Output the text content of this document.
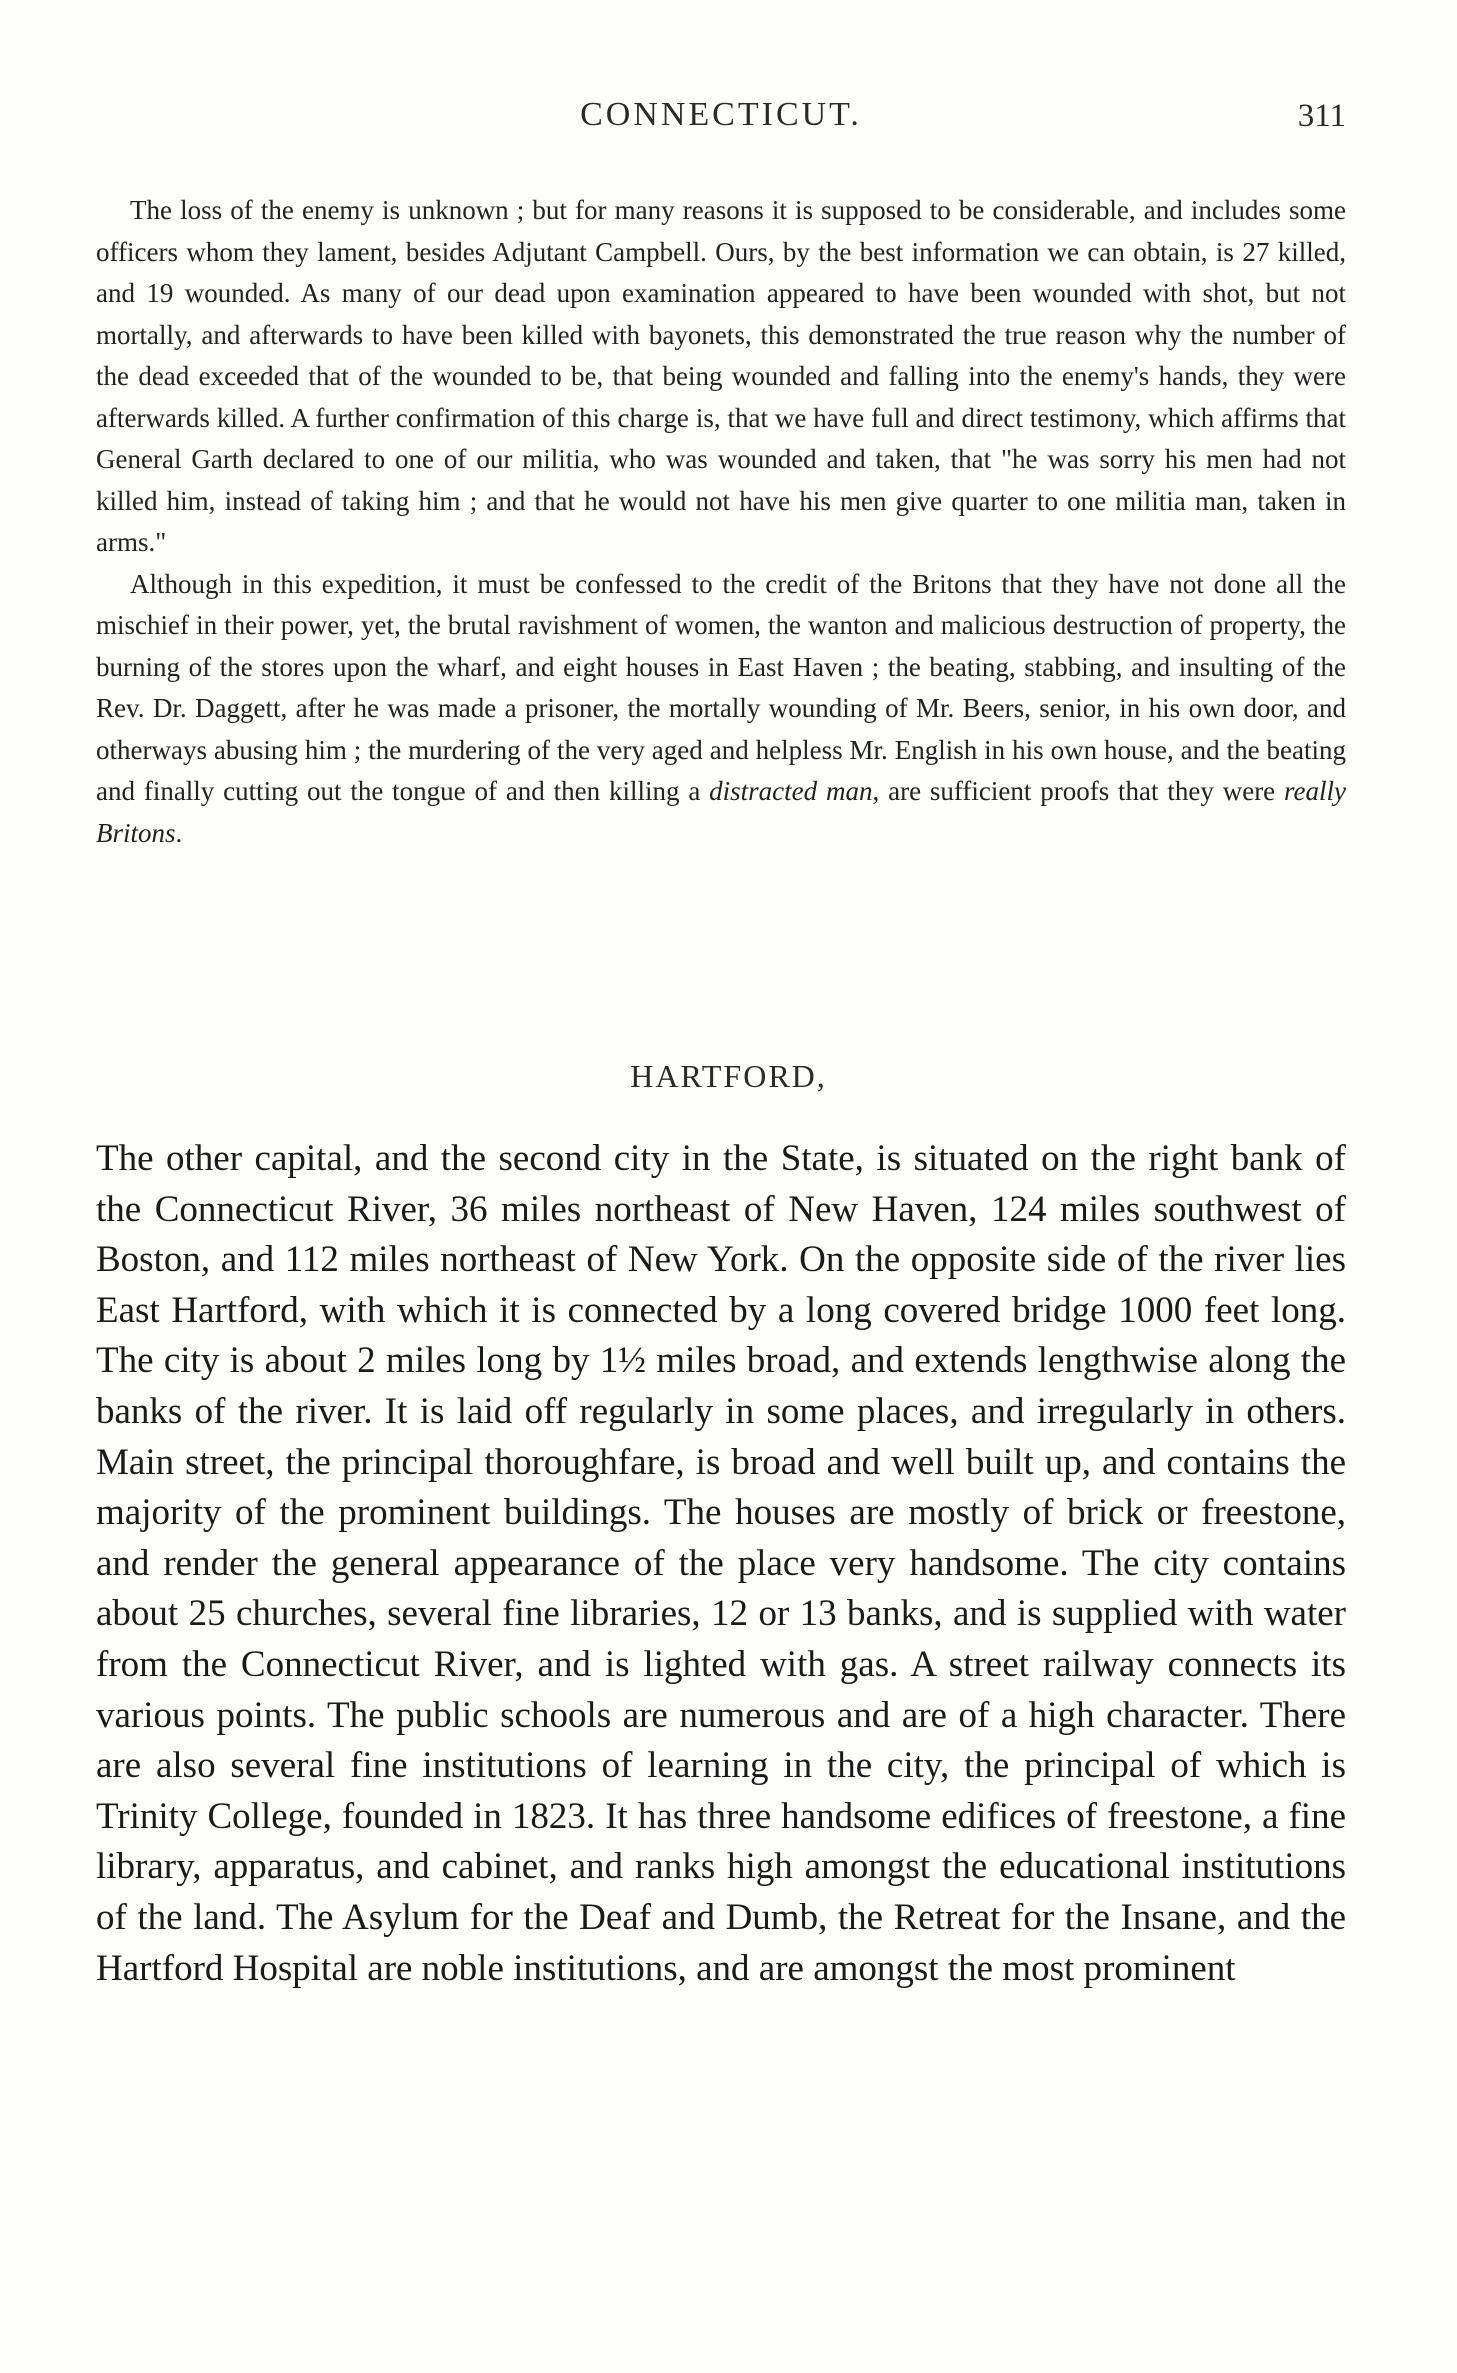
CONNECTICUT.	311

The loss of the enemy is unknown ; but for many reasons it is supposed to be considerable, and includes some officers whom they lament, besides Adjutant Campbell. Ours, by the best information we can obtain, is 27 killed, and 19 wounded. As many of our dead upon examination appeared to have been wounded with shot, but not mortally, and afterwards to have been killed with bayonets, this demonstrated the true reason why the number of the dead exceeded that of the wounded to be, that being wounded and falling into the enemy's hands, they were afterwards killed. A further confirmation of this charge is, that we have full and direct testimony, which affirms that General Garth declared to one of our militia, who was wounded and taken, that "he was sorry his men had not killed him, instead of taking him ; and that he would not have his men give quarter to one militia man, taken in arms."

Although in this expedition, it must be confessed to the credit of the Britons that they have not done all the mischief in their power, yet, the brutal ravishment of women, the wanton and malicious destruction of property, the burning of the stores upon the wharf, and eight houses in East Haven ; the beating, stabbing, and insulting of the Rev. Dr. Daggett, after he was made a prisoner, the mortally wounding of Mr. Beers, senior, in his own door, and otherways abusing him ; the murdering of the very aged and helpless Mr. English in his own house, and the beating and finally cutting out the tongue of and then killing a distracted man, are sufficient proofs that they were really Britons.

HARTFORD,

The other capital, and the second city in the State, is situated on the right bank of the Connecticut River, 36 miles northeast of New Haven, 124 miles southwest of Boston, and 112 miles northeast of New York. On the opposite side of the river lies East Hartford, with which it is connected by a long covered bridge 1000 feet long. The city is about 2 miles long by 1½ miles broad, and extends lengthwise along the banks of the river. It is laid off regularly in some places, and irregularly in others. Main street, the principal thoroughfare, is broad and well built up, and contains the majority of the prominent buildings. The houses are mostly of brick or freestone, and render the general appearance of the place very handsome. The city contains about 25 churches, several fine libraries, 12 or 13 banks, and is supplied with water from the Connecticut River, and is lighted with gas. A street railway connects its various points. The public schools are numerous and are of a high character. There are also several fine institutions of learning in the city, the principal of which is Trinity College, founded in 1823. It has three handsome edifices of freestone, a fine library, apparatus, and cabinet, and ranks high amongst the educational institutions of the land. The Asylum for the Deaf and Dumb, the Retreat for the Insane, and the Hartford Hospital are noble institutions, and are amongst the most prominent
